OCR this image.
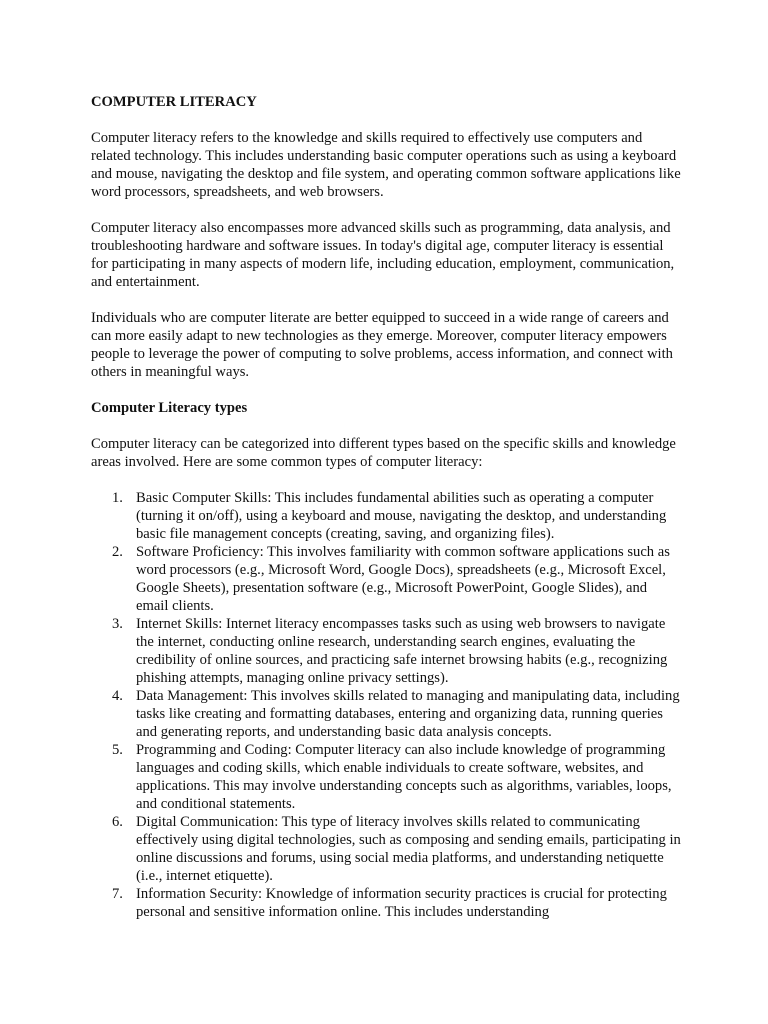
COMPUTER LITERACY

Computer literacy refers to the knowledge and skills required to effectively use computers and related technology. This includes understanding basic computer operations such as using a keyboard and mouse, navigating the desktop and file system, and operating common software applications like word processors, spreadsheets, and web browsers.

Computer literacy also encompasses more advanced skills such as programming, data analysis, and troubleshooting hardware and software issues. In today's digital age, computer literacy is essential for participating in many aspects of modern life, including education, employment, communication, and entertainment.

Individuals who are computer literate are better equipped to succeed in a wide range of careers and can more easily adapt to new technologies as they emerge. Moreover, computer literacy empowers people to leverage the power of computing to solve problems, access information, and connect with others in meaningful ways.

Computer Literacy types

Computer literacy can be categorized into different types based on the specific skills and knowledge areas involved. Here are some common types of computer literacy:

1. Basic Computer Skills: This includes fundamental abilities such as operating a computer (turning it on/off), using a keyboard and mouse, navigating the desktop, and understanding basic file management concepts (creating, saving, and organizing files).
2. Software Proficiency: This involves familiarity with common software applications such as word processors (e.g., Microsoft Word, Google Docs), spreadsheets (e.g., Microsoft Excel, Google Sheets), presentation software (e.g., Microsoft PowerPoint, Google Slides), and email clients.
3. Internet Skills: Internet literacy encompasses tasks such as using web browsers to navigate the internet, conducting online research, understanding search engines, evaluating the credibility of online sources, and practicing safe internet browsing habits (e.g., recognizing phishing attempts, managing online privacy settings).
4. Data Management: This involves skills related to managing and manipulating data, including tasks like creating and formatting databases, entering and organizing data, running queries and generating reports, and understanding basic data analysis concepts.
5. Programming and Coding: Computer literacy can also include knowledge of programming languages and coding skills, which enable individuals to create software, websites, and applications. This may involve understanding concepts such as algorithms, variables, loops, and conditional statements.
6. Digital Communication: This type of literacy involves skills related to communicating effectively using digital technologies, such as composing and sending emails, participating in online discussions and forums, using social media platforms, and understanding netiquette (i.e., internet etiquette).
7. Information Security: Knowledge of information security practices is crucial for protecting personal and sensitive information online. This includes understanding
